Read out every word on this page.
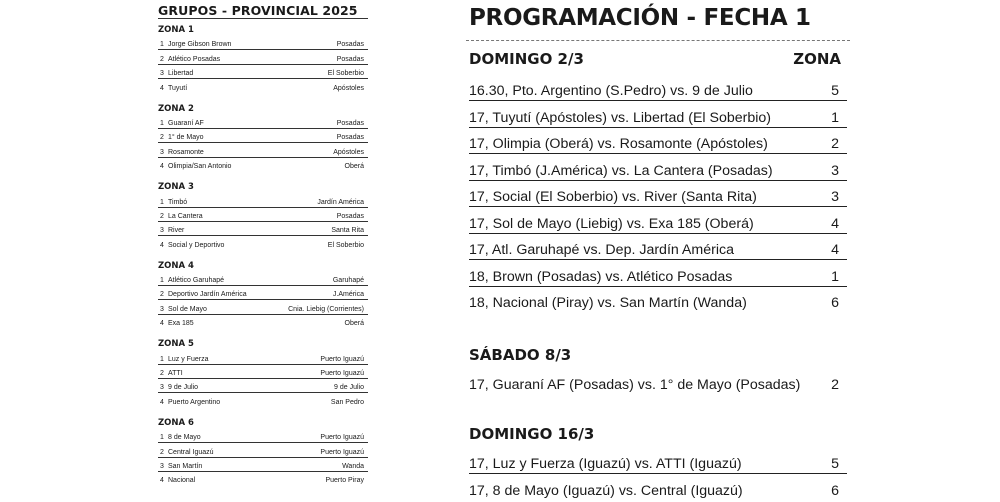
GRUPOS - PROVINCIAL 2025
ZONA 1
1 Jorge Gibson Brown	Posadas
2 Atlético Posadas	Posadas
3 Libertad	El Soberbio
4 Tuyutí	Apóstoles
ZONA 2
1 Guaraní AF	Posadas
2 1° de Mayo	Posadas
3 Rosamonte	Apóstoles
4 Olimpia/San Antonio	Oberá
ZONA 3
1 Timbó	Jardín América
2 La Cantera	Posadas
3 River	Santa Rita
4 Social y Deportivo	El Soberbio
ZONA 4
1 Atlético Garuhapé	Garuhapé
2 Deportivo Jardín América	J.América
3 Sol de Mayo	Cnia. Liebig (Corrientes)
4 Exa 185	Oberá
ZONA 5
1 Luz y Fuerza	Puerto Iguazú
2 ATTI	Puerto Iguazú
3 9 de Julio	9 de Julio
4 Puerto Argentino	San Pedro
ZONA 6
1 8 de Mayo	Puerto Iguazú
2 Central Iguazú	Puerto Iguazú
3 San Martín	Wanda
4 Nacional	Puerto Piray
PROGRAMACIÓN - FECHA 1
DOMINGO 2/3	ZONA
16.30, Pto. Argentino (S.Pedro) vs. 9 de Julio	5
17, Tuyutí (Apóstoles) vs. Libertad (El Soberbio)	1
17, Olimpia (Oberá) vs. Rosamonte (Apóstoles)	2
17, Timbó (J.América) vs. La Cantera (Posadas)	3
17, Social (El Soberbio) vs. River (Santa Rita)	3
17, Sol de Mayo (Liebig) vs. Exa 185 (Oberá)	4
17, Atl. Garuhapé vs. Dep. Jardín América	4
18, Brown (Posadas) vs. Atlético Posadas	1
18, Nacional (Piray) vs. San Martín (Wanda)	6
SÁBADO 8/3
17, Guaraní AF (Posadas) vs. 1° de Mayo (Posadas) 2
DOMINGO 16/3
17, Luz y Fuerza (Iguazú) vs. ATTI (Iguazú)	5
17, 8 de Mayo (Iguazú) vs. Central (Iguazú)	6
